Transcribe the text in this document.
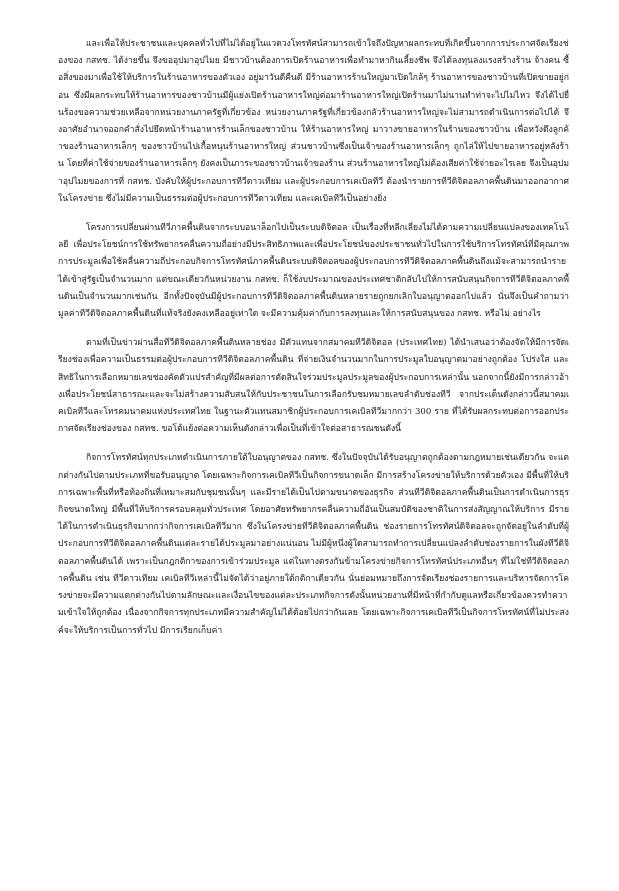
และเพื่อให้ประชาชนและบุคคลทั่วไปที่ไม่ได้อยู่ในแวดวงโทรทัศน์สามารถเข้าใจถึงปัญหาผลกระทบที่เกิดขึ้นจากการประกาศจัดเรียงช่องของ กสทช. ได้ง่ายขึ้น จึงขออุปมาอุปไมย มีชาวบ้านต้องการเปิดร้านอาหารเพื่อทำมาหากินเลี้ยงชีพ จึงได้ลงทุนลงแรงสร้างร้าน จ้างคน ซื้อสิ่งของมาเพื่อใช้ให้บริการในร้านอาหารของตัวเอง อยู่มาวันดีคืนดี มีร้านอาหารร้านใหญ่มาเปิดใกล้ๆ ร้านอาหารของชาวบ้านที่เปิดขายอยู่ก่อน ซึ่งมีผลกระทบให้ร้านอาหารของชาวบ้านมีผู้แย่งเปิดร้านอาหารใหญ่ต่อมาร้านอาหารใหญ่เปิดร้านมาไม่นานทำท่าจะไปไม่ไหว จึงได้ไปยื่นร้องขอความช่วยเหลือจากหน่วยงานภาครัฐที่เกี่ยวข้อง หน่วยงานภาครัฐที่เกี่ยวข้องกลัวร้านอาหารใหญ่จะไม่สามารถดำเนินการต่อไปได้ จึงอาศัยอำนาจออกคำสั่งไปยึดหน้าร้านอาหารร้านเล็กของชาวบ้าน ให้ร้านอาหารใหญ่ มาวางขายอาหารในร้านของชาวบ้าน เพื่อหวังดึงลูกค้าของร้านอาหารเล็กๆ ของชาวบ้านไปเกื้อหนุนร้านอาหารใหญ่ ส่วนชาวบ้านซึ่งเป็นเจ้าของร้านอาหารเล็กๆ ถูกไล่ให้ไปขายอาหารอยู่หลังร้าน โดยที่ค่าใช้จ่ายของร้านอาหารเล็กๆ ยังคงเป็นภาระของชาวบ้านเจ้าของร้าน ส่วนร้านอาหารใหญ่ไม่ต้องเสียค่าใช้จ่ายอะไรเลย จึงเป็นอุปมาอุปไมยของการที่ กสทช. บังคับให้ผู้ประกอบการทีวีดาวเทียม และผู้ประกอบการเคเบิลทีวี ต้องนำรายการทีวีดิจิตอลภาคพื้นดินมาออกอากาศในโครงข่าย ซึ่งไม่มีความเป็นธรรมต่อผู้ประกอบการทีวีดาวเทียม และเคเบิลทีวีเป็นอย่างยิ่ง

โครงการเปลี่ยนผ่านทีวีภาคพื้นดินจากระบบอนาล็อกไปเป็นระบบดิจิตอล เป็นเรื่องที่หลีกเลี่ยงไม่ได้ตามความเปลี่ยนแปลงของเทคโนโลยี เพื่อประโยชน์การใช้ทรัพยากรคลื่นความถี่อย่างมีประสิทธิภาพและเพื่อประโยชน์ของประชาชนทั่วไปในการใช้บริการโทรทัศน์ที่มีคุณภาพ การประมูลเพื่อใช้คลื่นความถี่ประกอบกิจการโทรทัศน์ภาคพื้นดินระบบดิจิตอลของผู้ประกอบการทีวีดิจิตอลภาคพื้นดินถึงแม้จะสามารถนำรายได้เข้าสู่รัฐเป็นจำนวนมาก แต่ขณะเดียวกันหน่วยงาน กสทช. ก็ใช้งบประมาณของประเทศชาติกลับไปให้การสนับสนุนกิจการทีวีดิจิตอลภาคพื้นดินเป็นจำนวนมากเช่นกัน อีกทั้งปัจจุบันมีผู้ประกอบการทีวีดิจิตอลภาคพื้นดินหลายรายถูกยกเลิกใบอนุญาตออกไปแล้ว นั่นจึงเป็นคำถามว่า มูลค่าทีวีดิจิตอลภาคพื้นดินที่แท้จริงยังคงเหลืออยู่เท่าใด จะมีความคุ้มค่ากับการลงทุนและให้การสนับสนุนของ กสทช. หรือไม่ อย่างไร

ตามที่เป็นข่าวผ่านสื่อทีวีดิจิตอลภาคพื้นดินหลายช่อง มีตัวแทนจากสมาคมทีวีดิจิตอล (ประเทศไทย) ได้นำเสนอว่าต้องจัดให้มีการจัดเรียงช่องเพื่อความเป็นธรรมต่อผู้ประกอบการทีวีดิจิตอลภาคพื้นดิน ที่จ่ายเงินจำนวนมากในการประมูลใบอนุญาตมาอย่างถูกต้อง โปร่งใส และสิทธิในการเลือกหมายเลขช่องคัดตัวแปรสำคัญที่มีผลต่อการตัดสินใจร่วมประมูลประมูลของผู้ประกอบการเหล่านั้น นอกจากนี้ยังมีการกล่าวอ้างเพื่อประโยชน์สาธารณะและจะไม่สร้างความสับสนให้กับประชาชนในการเลือกรับชมหมายเลขลำดับช่องทีวี จากประเด็นดังกล่าวนี้สมาคมเคเบิลทีวีและโทรคมนาคมแห่งประเทศไทย ในฐานะตัวแทนสมาชิกผู้ประกอบการเคเบิลทีวีมากกว่า 300 ราย ที่ได้รับผลกระทบต่อการออกประกาศจัดเรียงช่องของ กสทช. ขอโต้แย้งต่อความเห็นดังกล่าวเพื่อเป็นที่เข้าใจต่อสาธารณชนดังนี้

กิจการโทรทัศน์ทุกประเภทดำเนินการภายใต้ใบอนุญาตของ กสทช. ซึ่งในปัจจุบันได้รับอนุญาตถูกต้องตามกฎหมายเช่นเดียวกัน จะแตกต่างกันไปตามประเภทที่ขอรับอนุญาต โดยเฉพาะกิจการเคเบิลทีวีเป็นกิจการขนาดเล็ก มีการสร้างโครงข่ายให้บริการด้วยตัวเอง มีพื้นที่ให้บริการเฉพาะพื้นที่หรือท้องถิ่นที่เหมาะสมกับชุมชนนั้นๆ และมีรายได้เป็นไปตามขนาดของธุรกิจ ส่วนทีวีดิจิตอลภาคพื้นดินเป็นการดำเนินการธุรกิจขนาดใหญ่ มีพื้นที่ให้บริการครอบคลุมทั่วประเทศ โดยอาศัยทรัพยากรคลื่นความถี่อันเป็นสมบัติของชาติในการส่งสัญญาณให้บริการ มีรายได้ในการดำเนินธุรกิจมากกว่ากิจการเคเบิลทีวีมาก ซึ่งในโครงข่ายทีวีดิจิตอลภาคพื้นดิน ช่องรายการโทรทัศน์ดิจิตอลจะถูกจัดอยู่ในลำดับที่ผู้ประกอบการทีวีดิจิตอลภาคพื้นดินแต่ละรายได้ประมูลมาอย่างแน่นอน ไม่มีผู้หนึ่งผู้ใดสามารถทำการเปลี่ยนแปลงลำดับช่องรายการในผังทีวีดิจิตอลภาคพื้นดินได้ เพราะเป็นกฎกติกาของการเข้าร่วมประมูล แต่ในทางตรงกันข้ามโครงข่ายกิจการโทรทัศน์ประเภทอื่นๆ ที่ไม่ใช่ทีวีดิจิตอลภาคพื้นดิน เช่น ทีวีดาวเทียม เคเบิลทีวีเหล่านี้ไม่จัดได้ว่าอยู่ภายใต้กติกาเดียวกัน นั่นย่อมหมายถึงการจัดเรียงช่องรายการและบริหารจัดการโครงข่ายจะมีความแตกต่างกันไปตามลักษณะและเงื่อนไขของแต่ละประเภทกิจการดังนั้นหน่วยงานที่มีหน้าที่กำกับดูแลหรือเกี่ยวข้องควรทำความเข้าใจให้ถูกต้อง เนื่องจากกิจการทุกประเภทมีความสำคัญไม่ได้ด้อยไปกว่ากันเลย โดยเฉพาะกิจการเคเบิลทีวีเป็นกิจการโทรทัศน์ที่ไม่ประสงค์จะให้บริการเป็นการทั่วไป มีการเรียกเก็บค่า
